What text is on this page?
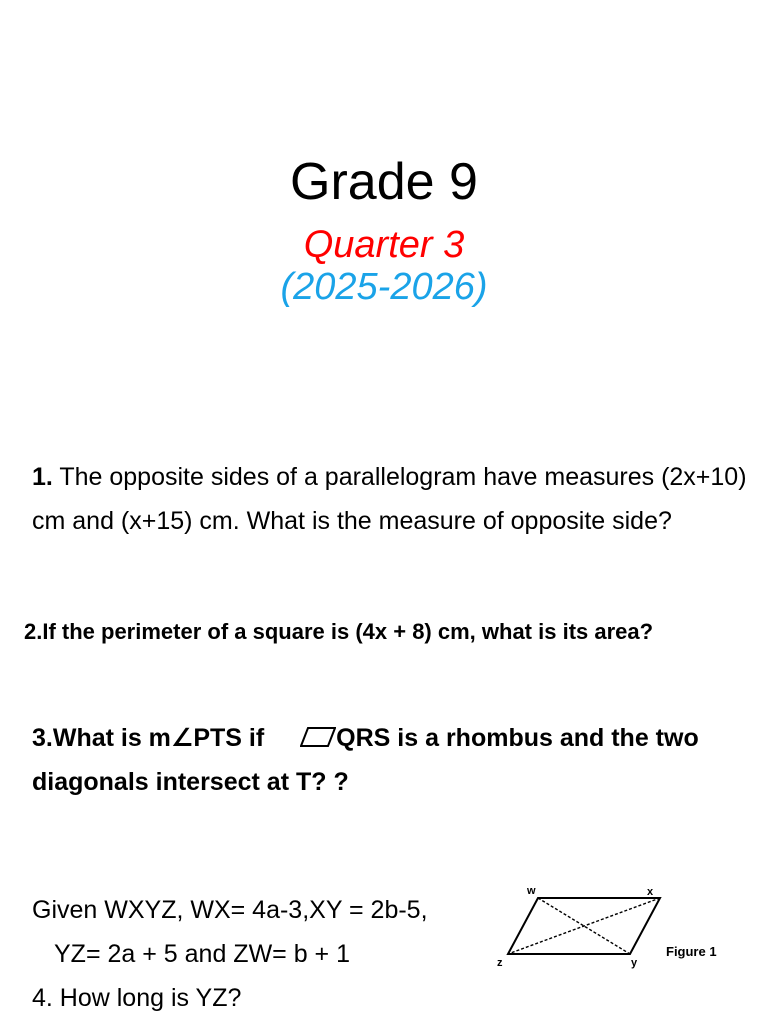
Grade 9
Quarter 3
(2025-2026)
1. The opposite sides of a parallelogram have measures (2x+10) cm and (x+15) cm. What is the measure of opposite side?
2.If the perimeter of a square is (4x + 8) cm, what is its area?
3.What is m∠PTS if	QRS is a rhombus and the two diagonals intersect at T? ?
Given WXYZ, WX= 4a-3,XY = 2b-5,
YZ= 2a + 5 and ZW= b + 1
4. How long is YZ?
w	x
y
z
Figure 1
